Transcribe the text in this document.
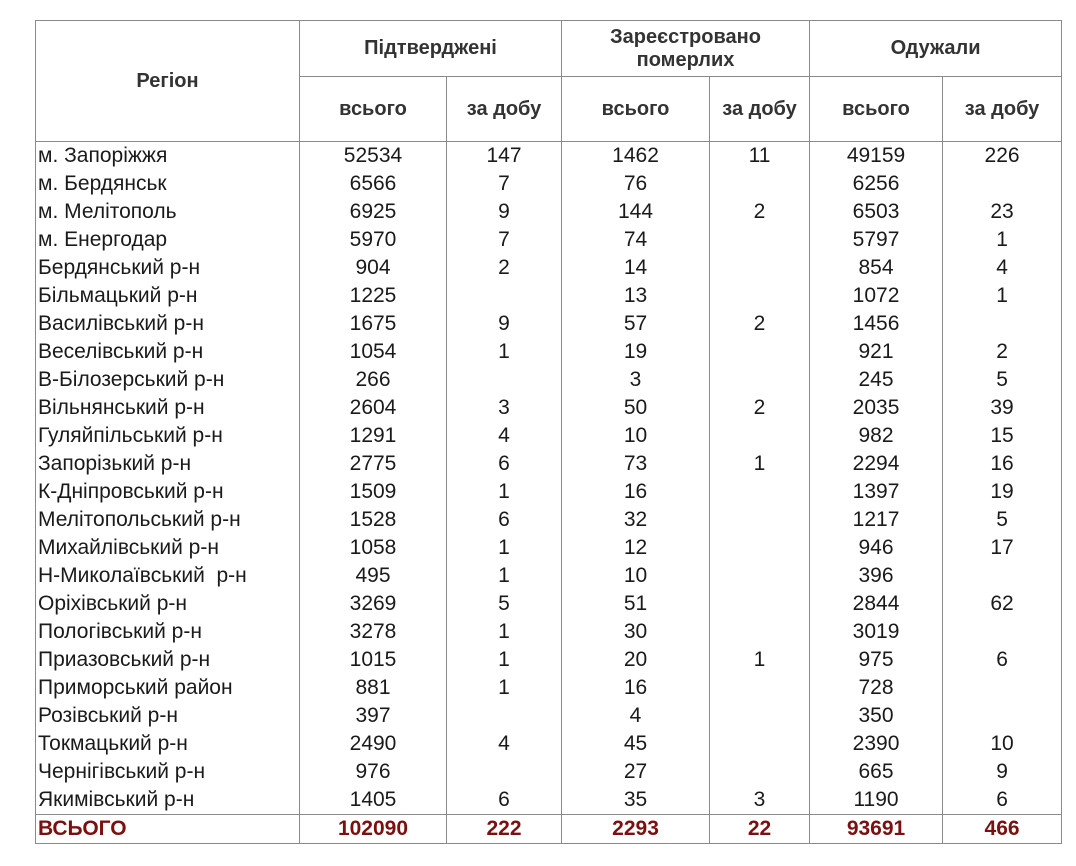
Регіон	Підтверджені		Зареєстровано померлих		Одужали	
	всього	за добу	всього	за добу	всього	за добу
м. Запоріжжя	52534	147	1462	11	49159	226
м. Бердянськ	6566	7	76		6256	
м. Мелітополь	6925	9	144	2	6503	23
м. Енергодар	5970	7	74		5797	1
Бердянський р-н	904	2	14		854	4
Більмацький р-н	1225		13		1072	1
Василівський р-н	1675	9	57	2	1456	
Веселівський р-н	1054	1	19		921	2
В-Білозерський р-н	266		3		245	5
Вільнянський р-н	2604	3	50	2	2035	39
Гуляйпільський р-н	1291	4	10		982	15
Запорізький р-н	2775	6	73	1	2294	16
К-Дніпровський р-н	1509	1	16		1397	19
Мелітопольський р-н	1528	6	32		1217	5
Михайлівський р-н	1058	1	12		946	17
Н-Миколаївський  р-н	495	1	10		396	
Оріхівський р-н	3269	5	51		2844	62
Пологівський р-н	3278	1	30		3019	
Приазовський р-н	1015	1	20	1	975	6
Приморський район	881	1	16		728	
Розівський р-н	397		4		350	
Токмацький р-н	2490	4	45		2390	10
Чернігівський р-н	976		27		665	9
Якимівський р-н	1405	6	35	3	1190	6
ВСЬОГО	102090	222	2293	22	93691	466
